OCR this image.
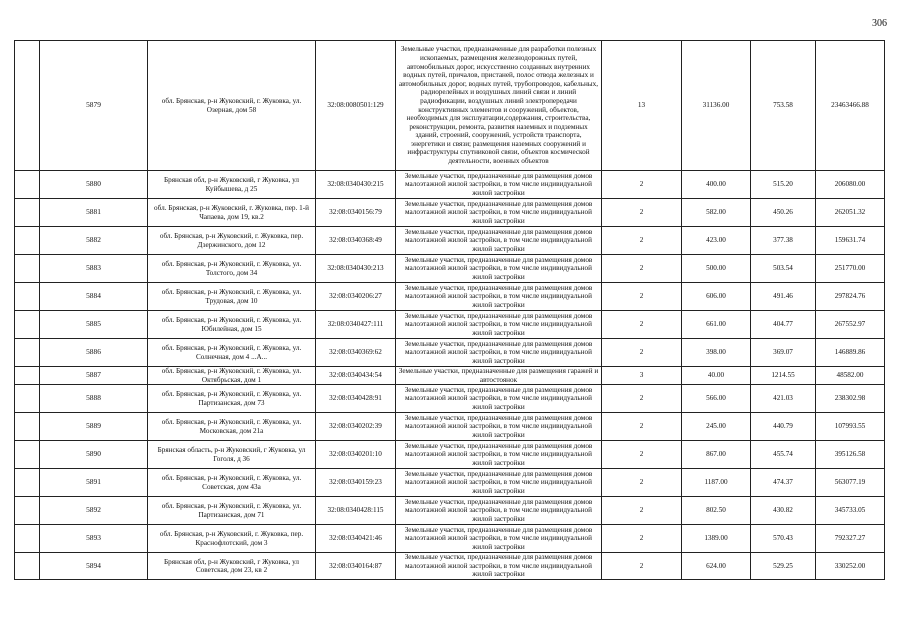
306
	5879	обл. Брянская, р-н Жуковский, г. Жуковка, ул. Озерная, дом 58	32:08:0080501:129	Земельные участки, предназначенные для разработки полезных ископаемых, размещения железнодорожных путей, автомобильных дорог, искусственно созданных внутренних водных путей, причалов, пристаней, полос отвода железных и автомобильных дорог, водных путей, трубопроводов, кабельных, радиорелейных и воздушных линий связи и линий радиофикации, воздушных линий электропередачи конструктивных элементов и сооружений, объектов, необходимых для эксплуатации,содержания, строительства, реконструкции, ремонта, развития наземных и подземных зданий, строений, сооружений, устройств транспорта, энергетики и связи; размещения наземных сооружений и инфраструктуры спутниковой связи, объектов космической деятельности, военных объектов	13	31136.00	753.58	23463466.88
	5880	Брянская обл, р-н Жуковский, г Жуковка, ул Куйбышева, д 25	32:08:0340430:215	Земельные участки, предназначенные для размещения домов малоэтажной жилой застройки, в том числе индивидуальной жилой застройки	2	400.00	515.20	206080.00
	5881	обл. Брянская, р-н Жуковский, г. Жуковка, пер. 1-й Чапаева, дом 19, кв.2	32:08:0340156:79	Земельные участки, предназначенные для размещения домов малоэтажной жилой застройки, в том числе индивидуальной жилой застройки	2	582.00	450.26	262051.32
	5882	обл. Брянская, р-н Жуковский, г. Жуковка, пер. Дзержинского, дом 12	32:08:0340368:49	Земельные участки, предназначенные для размещения домов малоэтажной жилой застройки, в том числе индивидуальной жилой застройки	2	423.00	377.38	159631.74
	5883	обл. Брянская, р-н Жуковский, г. Жуковка, ул. Толстого, дом 34	32:08:0340430:213	Земельные участки, предназначенные для размещения домов малоэтажной жилой застройки, в том числе индивидуальной жилой застройки	2	500.00	503.54	251770.00
	5884	обл. Брянская, р-н Жуковский, г. Жуковка, ул. Трудовая, дом 10	32:08:0340206:27	Земельные участки, предназначенные для размещения домов малоэтажной жилой застройки, в том числе индивидуальной жилой застройки	2	606.00	491.46	297824.76
	5885	обл. Брянская, р-н Жуковский, г. Жуковка, ул. Юбилейная, дом 15	32:08:0340427:111	Земельные участки, предназначенные для размещения домов малоэтажной жилой застройки, в том числе индивидуальной жилой застройки	2	661.00	404.77	267552.97
	5886	обл. Брянская, р-н Жуковский, г. Жуковка, ул. Солнечная, дом 4 ...А...	32:08:0340369:62	Земельные участки, предназначенные для размещения домов малоэтажной жилой застройки, в том числе индивидуальной жилой застройки	2	398.00	369.07	146889.86
	5887	обл. Брянская, р-н Жуковский, г. Жуковка, ул. Октябрьская, дом 1	32:08:0340434:54	Земельные участки, предназначенные для размещения гаражей и автостоянок	3	40.00	1214.55	48582.00
	5888	обл. Брянская, р-н Жуковский, г. Жуковка, ул. Партизанская, дом 73	32:08:0340428:91	Земельные участки, предназначенные для размещения домов малоэтажной жилой застройки, в том числе индивидуальной жилой застройки	2	566.00	421.03	238302.98
	5889	обл. Брянская, р-н Жуковский, г. Жуковка, ул. Московская, дом 21а	32:08:0340202:39	Земельные участки, предназначенные для размещения домов малоэтажной жилой застройки, в том числе индивидуальной жилой застройки	2	245.00	440.79	107993.55
	5890	Брянская область, р-н Жуковский, г Жуковка, ул Гоголя, д 36	32:08:0340201:10	Земельные участки, предназначенные для размещения домов малоэтажной жилой застройки, в том числе индивидуальной жилой застройки	2	867.00	455.74	395126.58
	5891	обл. Брянская, р-н Жуковский, г. Жуковка, ул. Советская, дом 43а	32:08:0340159:23	Земельные участки, предназначенные для размещения домов малоэтажной жилой застройки, в том числе индивидуальной жилой застройки	2	1187.00	474.37	563077.19
	5892	обл. Брянская, р-н Жуковский, г. Жуковка, ул. Партизанская, дом 71	32:08:0340428:115	Земельные участки, предназначенные для размещения домов малоэтажной жилой застройки, в том числе индивидуальной жилой застройки	2	802.50	430.82	345733.05
	5893	обл. Брянская, р-н Жуковский, г. Жуковка, пер. Краснофлотский, дом 3	32:08:0340421:46	Земельные участки, предназначенные для размещения домов малоэтажной жилой застройки, в том числе индивидуальной жилой застройки	2	1389.00	570.43	792327.27
	5894	Брянская обл, р-н Жуковский, г Жуковка, ул Советская, дом 23, кв 2	32:08:0340164:87	Земельные участки, предназначенные для размещения домов малоэтажной жилой застройки, в том числе индивидуальной жилой застройки	2	624.00	529.25	330252.00
